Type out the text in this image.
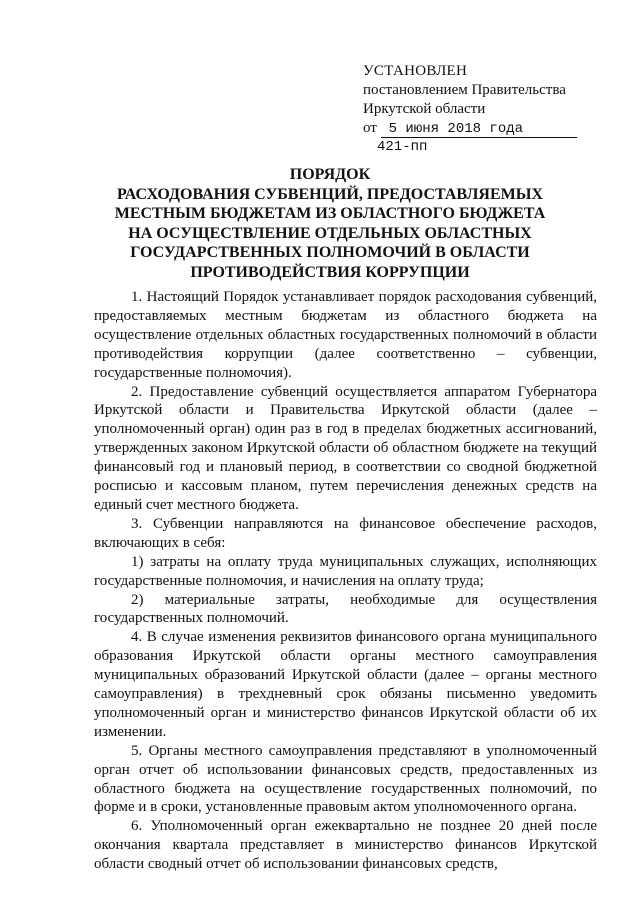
УСТАНОВЛЕН
постановлением Правительства
Иркутской области
от 5 июня 2018 года
421-пп
ПОРЯДОК
РАСХОДОВАНИЯ СУБВЕНЦИЙ, ПРЕДОСТАВЛЯЕМЫХ
МЕСТНЫМ БЮДЖЕТАМ ИЗ ОБЛАСТНОГО БЮДЖЕТА
НА ОСУЩЕСТВЛЕНИЕ ОТДЕЛЬНЫХ ОБЛАСТНЫХ
ГОСУДАРСТВЕННЫХ ПОЛНОМОЧИЙ В ОБЛАСТИ
ПРОТИВОДЕЙСТВИЯ КОРРУПЦИИ

1. Настоящий Порядок устанавливает порядок расходования субвенций, предоставляемых местным бюджетам из областного бюджета на осуществление отдельных областных государственных полномочий в области противодействия коррупции (далее соответственно – субвенции, государственные полномочия).

2. Предоставление субвенций осуществляется аппаратом Губернатора Иркутской области и Правительства Иркутской области (далее – уполномоченный орган) один раз в год в пределах бюджетных ассигнований, утвержденных законом Иркутской области об областном бюджете на текущий финансовый год и плановый период, в соответствии со сводной бюджетной росписью и кассовым планом, путем перечисления денежных средств на единый счет местного бюджета.

3. Субвенции направляются на финансовое обеспечение расходов, включающих в себя:

1) затраты на оплату труда муниципальных служащих, исполняющих государственные полномочия, и начисления на оплату труда;

2) материальные затраты, необходимые для осуществления государственных полномочий.

4. В случае изменения реквизитов финансового органа муниципального образования Иркутской области органы местного самоуправления муниципальных образований Иркутской области (далее – органы местного самоуправления) в трехдневный срок обязаны письменно уведомить уполномоченный орган и министерство финансов Иркутской области об их изменении.

5. Органы местного самоуправления представляют в уполномоченный орган отчет об использовании финансовых средств, предоставленных из областного бюджета на осуществление государственных полномочий, по форме и в сроки, установленные правовым актом уполномоченного органа.

6. Уполномоченный орган ежеквартально не позднее 20 дней после окончания квартала представляет в министерство финансов Иркутской области сводный отчет об использовании финансовых средств,
